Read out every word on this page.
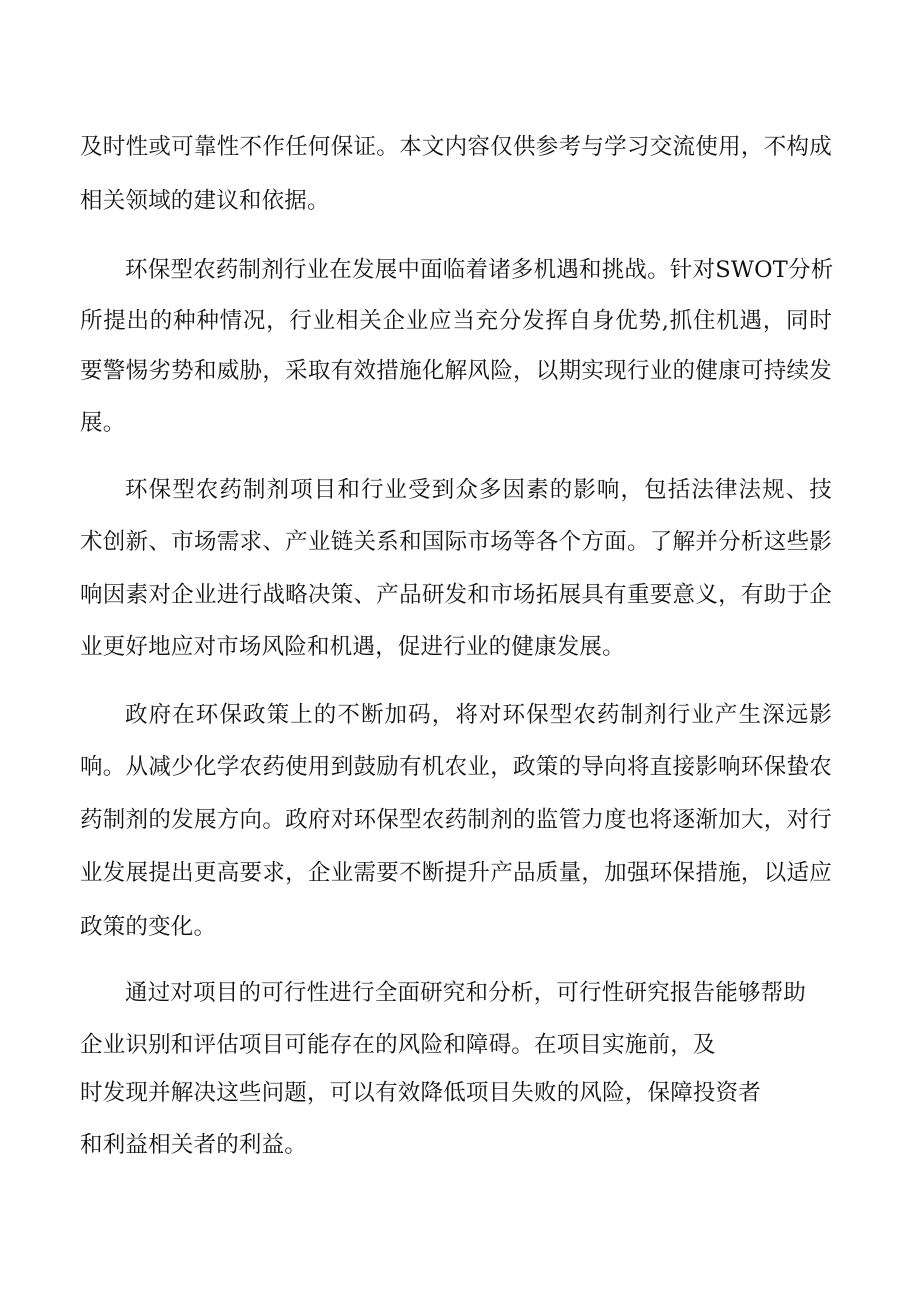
及时性或可靠性不作任何保证。本文内容仅供参考与学习交流使用，不构成
相关领域的建议和依据。
环保型农药制剂行业在发展中面临着诸多机遇和挑战。针对SWOT分析
所提出的种种情况，行业相关企业应当充分发挥自身优势,抓住机遇，同时
要警惕劣势和威胁，采取有效措施化解风险，以期实现行业的健康可持续发
展。
环保型农药制剂项目和行业受到众多因素的影响，包括法律法规、技
术创新、市场需求、产业链关系和国际市场等各个方面。了解并分析这些影
响因素对企业进行战略决策、产品研发和市场拓展具有重要意义，有助于企
业更好地应对市场风险和机遇，促进行业的健康发展。
政府在环保政策上的不断加码，将对环保型农药制剂行业产生深远影
响。从减少化学农药使用到鼓励有机农业，政策的导向将直接影响环保蛰农
药制剂的发展方向。政府对环保型农药制剂的监管力度也将逐渐加大，对行
业发展提出更高要求，企业需要不断提升产品质量，加强环保措施，以适应
政策的变化。
通过对项目的可行性进行全面研究和分析，可行性研究报告能够帮助
企业识别和评估项目可能存在的风险和障碍。在项目实施前，及
时发现并解决这些问题，可以有效降低项目失败的风险，保障投资者
和利益相关者的利益。
